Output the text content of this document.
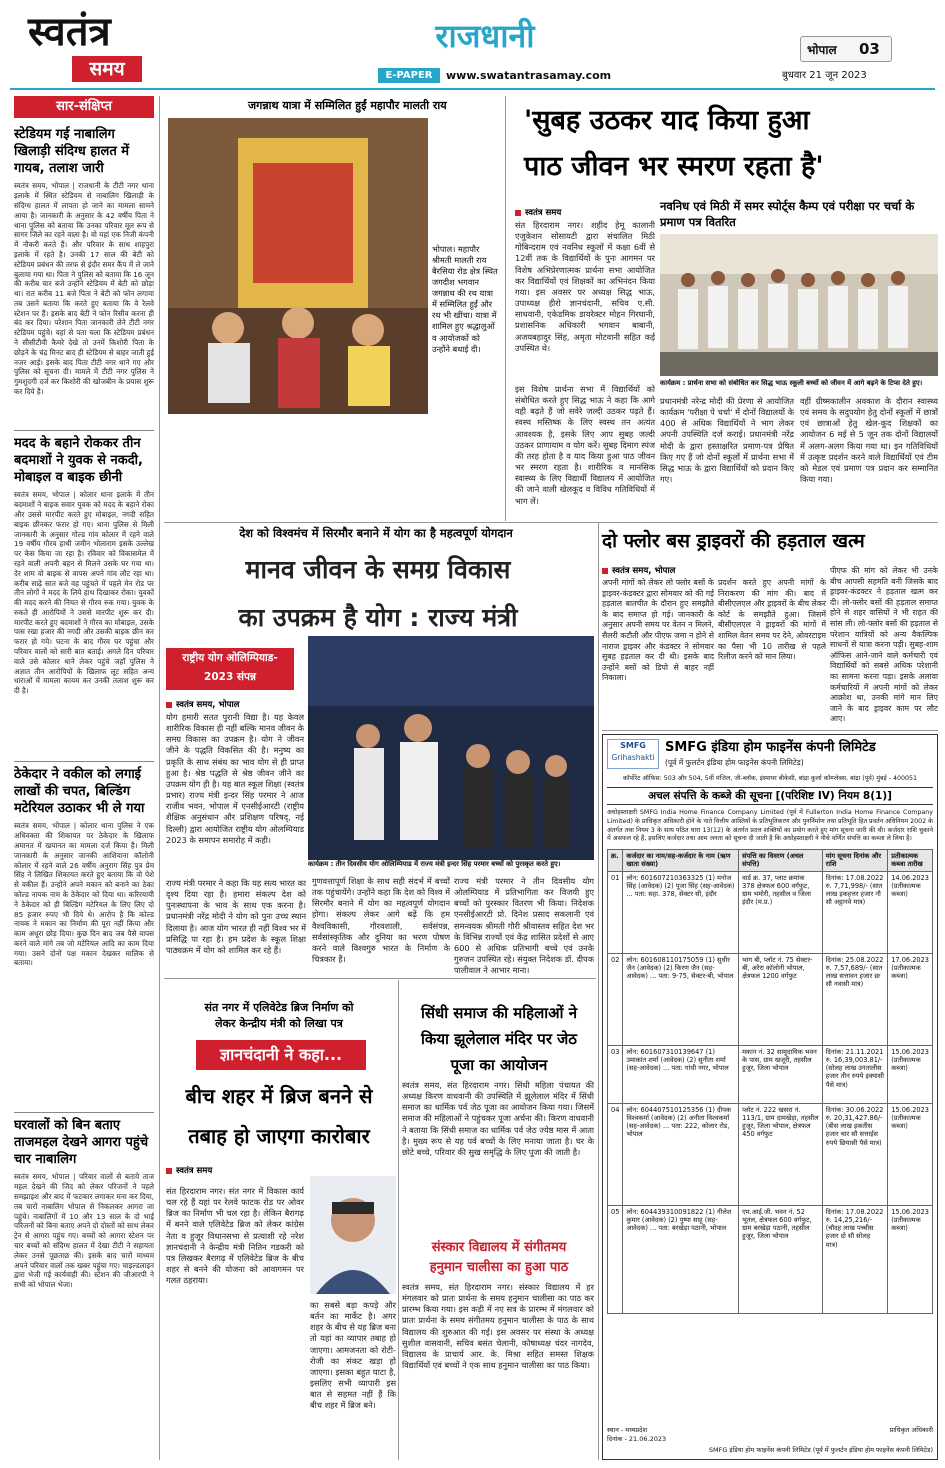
स्वतंत्र
समय
राजधानी
E-PAPER	www.swatantrasamay.com
भोपाल 03
बुधवार 21 जून 2023
सार-संक्षिप्त
स्टेडियम गई नाबालिग खिलाड़ी संदिग्ध हालत में गायब, तलाश जारी
स्वतंत्र समय, भोपाल | राजधानी के टीटी नगर थाना इलाके में स्थित स्टेडियम से नाबालिग खिलाड़ी के संदिग्ध हालत में लापता हो जाने का मामला सामने आया है। जानकारी के अनुसार के 42 वर्षीय पिता ने थाना पुलिस को बताया कि उनका परिवार मूल रूप से सागर जिले का रहने वाला है। वो यहां एक निजी कंपनी में नौकरी करते हैं। और परिवार के साथ शाहपुरा इलाके में रहते है। उनकी 17 साल की बेटी को स्टेडियम प्रबंधन की तरफ से इंदौर समर कैंप में ले जाने बुलाया गया था। पिता ने पुलिस को बताया कि 16 जून की करीब चार बजे उन्होंने स्टेडियम में बेटी को छोड़ा था। रात करीब 11 बजे पिता ने बेटी को फोन लगाया तब उसने बताया कि करते हुए बताया कि वे रेलवे स्टेशन पर हैं। इसके बाद बेटी ने फोन रिसीव करना ही बंद कर दिया। परेशान पिता जानकारी लेने टीटी नगर स्टेडियम पहुंचे। वहां से पता चला कि स्टेडियम प्रबंधन ने सीसीटीवी कैमरे देखे तो उनमें किशोरी पिता के छोड़ने के चंद्र मिनट बाद ही स्टेडियम से बाहर जाती हुई नजर आई। इसके बाद पिता टीटी नगर थाने गए और पुलिस को सूचना दी। मामले में टीटी नगर पुलिस ने गुमशुदगी दर्ज कर किशोरी की खोजबीन के प्रयास शुरू कर दिये है।
मदद के बहाने रोककर तीन बदमाशों ने युवक से नकदी, मोबाइल व बाइक छीनी
स्वतंत्र समय, भोपाल | कोलार थाना इलाके में तीन बदमाशों ने बाइक सवार युवक को मदद के बहाने रोका और उससे मारपीट करते हुए मोबाइल, नगदी सहित बाइक छीनकर फरार हो गए। थाना पुलिस से मिली जानकारी के अनुसार गोल्ड गांव कोलार में रहने वाले 19 वर्षीय गौरव हाथी जमीन भोलाराम इसके उल्लेख पर केस किया जा रहा है। रविवार को विकासमेल में रहने वाली अपनी बहन से मिलने उसके घर गया था। देर शाम वो बाइक से वापस अपने गांव लौट रहा था। करीब साढ़े सात बजे वह पहुंचते में पहले मेन रोड पर तीन लोगों ने मदद के लिये हाथ दिखाकर रोका। युवकों की मदद करने की नियत से गौरव रुक गया। युवक के रुकते ही आरोपियों ने उससे मारपीट शुरू कर दी। मारपीट करते हुए बदमाशों ने गौरव का मोबाइल, उसके पास रखा हजार की नगदी और उसकी बाइक छीन कर फरार हो गये। घटना के बाद गौरव घर पहुंचा और परिवार वालों को सारी बात बताई। अगले दिन परिवार वाले उसे कोलार थाने लेकर पहुंचे जहाँ पुलिस ने अज्ञात तीन आरोपियों के खिलाफ लूट सहित अन्य धाराओं में मामला कायम कर उनकी तलाश शुरू कर दी है।
ठेकेदार ने वकील को लगाई लाखों की चपत, बिल्डिंग मटेरियल उठाकर भी ले गया
स्वतंत्र समय, भोपाल | कोलार थाना पुलिस ने एक अधिवक्ता की शिकायत पर ठेकेदार के खिलाफ अमानत में खयानत का मामला दर्ज किया है। मिली जानकारी के अनुसार जानकी आशियाना कॉलोनी कोलार में रहने वाले 26 वर्षीय अनुराग सिंह पुत्र प्रेम सिंह ने लिखित शिकायत करते हुए बताया कि वो पेशे से वकील हैं। उन्होंने अपने मकान को बनाने का ठेका कोल्ड नायक नाम के ठेकेदार को दिया था। करिरयायी ने ठेकेदार को ही बिल्डिंग मटेरियल के लिए लिए दो 85 हजार रुपए भी दिये थे। आरोप है कि कोल्ड नायक ने मकान का निर्माण की पूरा नहीं किया और काम अधूरा छोड़ दिया। कुछ दिन बाद जब पैसे वापस करने वाले मांगे तब जो मटेरियल आदि का काम दिया गया। उसने दोनों पक्ष मकान देखकर मालिक से बताया।
घरवालों को बिन बताए ताजमहल देखने आगरा पहुंचे चार नाबालिग
स्वतंत्र समय, भोपाल | परिवार वालों से बताये ताज महल देखने की जिद को लेकर परिजनों ने पहले समझाइश और बाद में फटकार लगाकर मना कर दिया, तब चारों नाबालिग भोपाल से निकलकर आगरा जा पहुंचे। नाबालिगों में 10 और 13 साल के दो भाई परिजनों को बिना बताए अपने दो दोस्तों को साथ लेकर ट्रेन से आगरा पहुंच गए। बच्चों को आगरा स्टेशन पर चार बच्चों को संदिग्ध हालत में देखा टीटी ने सहायता लेकर उनसे पूछताछ की। इसके बाद चारों माध्यम अपने परिवार वालों तक खबर पहुंचा गए। चाइल्डलाइन द्वारा भेजी गई कार्यवाही की। स्टेशन की जीआरपी ने सभी को भोपाल भेजा।
जगन्नाथ यात्रा में सम्मिलित हुईं महापौर मालती राय
भोपाल। महापौर श्रीमती मालती राय बैरसिया रोड क्षेत्र स्थित जगदीश भगवान जगन्नाथ की रथ यात्रा में सम्मिलित हुईं और रथ भी खींचा। यात्रा में शामिल हुए श्रद्धालुओं व आयोजकों को उन्होंने बधाई दी।
'सुबह उठकर याद किया हुआ
पाठ जीवन भर स्मरण रहता है'
नवनिध एवं मिठी में समर स्पोर्ट्स कैम्प एवं परीक्षा पर चर्चा के प्रमाण पत्र वितरित
स्वतंत्र समय
संत हिरदाराम नगर। शहीद हेमू कालानी एजुकेशन सोसायटी द्वारा संचालित मिठी गोबिन्दराम एवं नवनिध स्कूलों में कक्षा 6वीं से 12वीं तक के विद्यार्थियों के पुनः आगमन पर विशेष अभिप्रेरणात्मक प्रार्थना सभा आयोजित कर विद्यार्थियों एवं शिक्षकों का अभिनंदन किया गया। इस अवसर पर अध्यक्ष सिद्ध भाऊ, उपाध्यक्ष हीरो ज्ञानचंदानी, सचिव ए.सी. साधवानी, एकेडमिक डायरेक्टर मोहन गिरघानी, प्रशासनिक अधिकारी भगवान बाबानी, अजयबहादुर सिंह, अमृता मोटवानी सहित कई उपस्थित थे।
इस विशेष प्रार्थना सभा में विद्यार्थियों को संबोधित करते हुए सिद्ध भाऊ ने कहा कि आगे वही बढ़ते हैं जो सवेरे जल्दी उठकर पढ़ते हैं। स्वस्थ मस्तिष्क के लिए स्वस्थ तन अत्यंत आवश्यक है, इसके लिए आप सुबह जल्दी उठकर प्राणायाम व योग करें। सुबह दिमाग स्पंज की तरह होता है व याद किया हुआ पाठ जीवन भर स्मरण रहता है। शारीरिक व मानसिक स्वास्थ्य के लिए विद्यार्थी विद्यालय में आयोजित की जाने वाली खेलकूद व विविध गतिविधियों में भाग लें।
कार्यक्रम : प्रार्थना सभा को संबोधित कर सिद्ध भाऊ स्कूली बच्चों को जीवन में आगे बढ़ने के टिप्स देते हुए।
प्रधानमंत्री नरेन्द्र मोदी की प्रेरणा से आयोजित कार्यक्रम 'परीक्षा पे चर्चा' में दोनों विद्यालयों के 400 से अधिक विद्यार्थियों ने भाग लेकर अपनी उपस्थिति दर्ज कराई। प्रधानमंत्री नरेंद्र मोदी के द्वारा हस्ताक्षरित प्रमाण-पत्र प्रेषित किए गए हैं जो दोनों स्कूलों में प्रार्थना सभा में सिद्ध भाऊ के द्वारा विद्यार्थियों को प्रदान किए गए।
वहीं ग्रीष्मकालीन अवकाश के दौरान स्वास्थ्य एवं समय के सदुपयोग हेतु दोनों स्कूलों में छात्रों एवं छात्राओं हेतु खेल-कूद शिक्षकों का आयोजन 6 मई से 5 जून तक दोनों विद्यालयों में अलग-अलग किया गया था। इन गतिविधियों में उत्कृष्ट प्रदर्शन करने वाले विद्यार्थियों एवं टीम को मेडल एवं प्रमाण पत्र प्रदान कर सम्मानित किया गया।
देश को विश्वमंच में सिरमौर बनाने में योग का है महत्वपूर्ण योगदान
मानव जीवन के समग्र विकास
का उपक्रम है योग : राज्य मंत्री
राष्ट्रीय योग ओलिम्पियाड-
2023 संपन्न
स्वतंत्र समय, भोपाल
योग हमारी सतत पुरानी विद्या है। यह केवल शारीरिक विकास ही नहीं बल्कि मानव जीवन के समग्र विकास का उपक्रम है। योग ने जीवन जीने के पद्धति विकसित की है। मनुष्य का प्रकृति के साथ संबंध का भाव योग से ही प्राप्त हुआ है। श्रेष्ठ पद्धति से श्रेष्ठ जीवन जीने का उपक्रम योग ही है। यह बात स्कूल शिक्षा (स्वतंत्र प्रभार) राज्य मंत्री इन्दर सिंह परमार ने आज राजीव भवन, भोपाल में एनसीईआरटी (राष्ट्रीय शैक्षिक अनुसंधान और प्रशिक्षण परिषद्, नई दिल्ली) द्वारा आयोजित राष्ट्रीय योग ओलम्पियाड 2023 के समापन समारोह में कही।
कार्यक्रम : तीन दिवसीय योग ओलिम्पियाड में राज्य मंत्री इन्दर सिंह परमार बच्चों को पुरस्कृत करते हुए।
राज्य मंत्री परमार ने कहा कि यह सत्य भारत का दृश्य दिया रहा है। हमारा संकल्प देश को पुनःस्थापना के भाव के साथ एक करना है। प्रधानमंत्री नरेंद्र मोदी ने योग को पुनः उच्च स्थान दिलाया है। आज योग भारत ही नहीं विश्व भर में प्रसिद्धि पा रहा है। हम प्रदेश के स्कूल शिक्षा पाठ्यक्रम में योग को शामिल कर रहे हैं।
गुणवत्तापूर्ण शिक्षा के साथ सही संदर्भ में बच्चों तक पहुंचायेंगे। उन्होंने कहा कि देश को विश्व में सिरमौर बनाने में योग का महत्वपूर्ण योगदान होगा। संकल्प लेकर आगे बढ़ें कि हम वैश्वविकासी, गौरवशाली, सर्वसंपन्न, सर्वसांस्कृतिक और दुनिया का भरण पोषण करने वाले विश्वगुरु भारत के निर्माण के चित्रकार हैं।
राज्य मंत्री परमार ने तीन दिवसीय योग ओलम्पियाड में प्रतिभागिता कर विजयी हुए बच्चों को पुरस्कार वितरण भी किया। निदेशक एनसीईआरटी प्रो. दिनेश प्रसाद सकलानी एवं समन्वयक श्रीमती गौरी श्रीवास्तव सहित देश भर के विभिन्न राज्यों एवं केंद्र शासित प्रदेशों से आए 600 से अधिक प्रतिभागी बच्चे एवं उनके गुरुजन उपस्थित रहे। संयुक्त निदेशक डॉ. दीपक पालीवाल ने आभार माना।
संत नगर में एलिवेटेड ब्रिज निर्माण को
लेकर केन्द्रीय मंत्री को लिखा पत्र
ज्ञानचंदानी ने कहा...
बीच शहर में ब्रिज बनने से
तबाह हो जाएगा कारोबार
स्वतंत्र समय
संत हिरदाराम नगर। संत नगर में विकास कार्य चल रहे हैं यहां पर रेलवे फाटक रोड पर ओवर ब्रिज का निर्माण भी चल रहा है। लेकिन बैरागढ़ में बनने वाले एलिवेटेड ब्रिज को लेकर कांग्रेस नेता व हुजूर विधानसभा से प्रत्याशी रहे नरेश ज्ञानचंदानी ने केन्द्रीय मंत्री नितिन गडकरी को पत्र लिखकर बैरागढ़ में एलिवेटेड ब्रिज के बीच शहर से बनने की योजना को आवागमन पर गलत ठहराया।
का सबसे बड़ा कपड़े और बर्तन का मार्केट है। अगर शहर के बीच से यह ब्रिज बना तो यहां का व्यापार तबाह हो जाएगा। आमजनता को रोटी-रोजी का संकट खड़ा हो जाएगा। इसका बहुत घाटा है, इसलिए सभी व्यापारी इस बात से सहमत नहीं हैं कि बीच शहर में ब्रिज बने।
सिंधी समाज की महिलाओं ने
किया झूलेलाल मंदिर पर जेठ
पूजा का आयोजन
स्वतंत्र समय, संत हिरदाराम नगर। सिंधी महिला पंचायत की अध्यक्ष किरण वाधवानी की उपस्थिति में झूलेलाल मंदिर में सिंधी समाज का धार्मिक पर्व जेठ पूजा का आयोजन किया गया। जिसमें समाज की महिलाओं ने पहुंचकर पूजा अर्चना की। किरण वाधवानी ने बताया कि सिंधी समाज का धार्मिक पर्व जेठ ज्येष्ठ मास में आता है। मुख्य रूप से यह पर्व बच्चों के लिए मनाया जाता है। घर के छोटे बच्चे, परिवार की सुख समृद्धि के लिए पूजा की जाती है।
संस्कार विद्यालय में संगीतमय
हनुमान चालीसा का हुआ पाठ
स्वतंत्र समय, संत हिरदाराम नगर। संस्कार विद्यालय में हर मंगलवार को प्रातः प्रार्थना के समय हनुमान चालीसा का पाठ कर प्रारम्भ किया गया। इस कड़ी में नए सत्र के प्रारम्भ में मंगलवार को प्रातः प्रार्थना के समय संगीतमय हनुमान चालीसा के पाठ के साथ विद्यालय की शुरुआत की गई। इस अवसर पर संस्था के अध्यक्ष सुशील वासवानी, सचिव बसंत चेलानी, कोषाध्यक्ष चंदर नागदेव, विद्यालय के प्राचार्य आर. के. मिश्रा सहित समस्त शिक्षक विद्यार्थियों एवं बच्चों ने एक साथ हनुमान चालीसा का पाठ किया।
दो फ्लोर बस ड्राइवरों की हड़ताल खत्म
स्वतंत्र समय, भोपाल
अपनी मांगों को लेकर लो फ्लोर बसों के ड्राइवर-कंडक्टर द्वारा सोमवार को की गई हड़ताल बातचीत के दौरान हुए समझौते के बाद समाप्त हो गई। जानकारी के अनुसार अपनी समय पर वेतन न मिलने, सैलरी कटौती और पीएफ जमा न होने से नाराज ड्राइवर और कंडक्टर ने सोमवार सुबह हड़ताल कर दी थी। इसके बाद उन्होंने बसों को डिपो से बाहर नहीं निकाला।
प्रदर्शन करते हुए अपनी मांगों के निराकरण की मांग की। बाद में बीसीएलएल और ड्राइवरों के बीच लेकर कोर्ट के समझौते हुआ। जिसमें बीसीएलएल ने ड्राइवरों की मांगों में शामिल वेतन समय पर देने, ओवरटाइम का पैसा भी 10 तारीख से पहले रिलीज करने को मान लिया।
पीएफ की मांग को लेकर भी उनके बीच आपसी सहमति बनी जिसके बाद ड्राइवर-कंडक्टर ने हड़ताल खत्म कर दी। लो-फ्लोर बसों की हड़ताल समाप्त होने से शहर वासियों ने भी राहत की सांस ली। लो-फ्लोर बसों की हड़ताल से परेशान यात्रियों को अन्य वैकल्पिक साधनों से यात्रा करना पड़ी। सुबह-शाम ऑफिस आने-जाने वाले कर्मचारी एवं विद्यार्थियों को सबसे अधिक परेशानी का सामना करना पड़ा। इसके अलावा कर्मचारियों में अपनी मांगों को लेकर आक्रोश था, उनकी मांगे मान लिए जाने के बाद ड्राइवर काम पर लौट आए।
SMFG
Grihashakti
SMFG इंडिया होम फाइनेंस कंपनी लिमिटेड
(पूर्व में फुलर्टन इंडिया होम फाइनेंस कंपनी लिमिटेड)
कॉर्पोरेट ऑफिस: 503 और 504, 5वीं मंजिल, जी-ब्लॉक, इंस्पायर बीकेसी, बांद्रा कुर्ला कॉम्प्लेक्स, बांद्रा (पूर्व) मुंबई - 400051
अचल संपत्ति के कब्जे की सूचना [(परिशिष्ट IV) नियम 8(1)]
अधोहस्ताक्षरी SMFG India Home Finance Company Limited (पूर्व में Fullerton India Home Finance Company Limited) के प्राधिकृत अधिकारी होने के नाते वित्तीय आस्तियों के प्रतिभूतिकरण और पुनर्निर्माण तथा प्रतिभूति हित प्रवर्तन अधिनियम 2002 के अंतर्गत तथा नियम 3 के साथ पठित धारा 13(12) के अंतर्गत प्रदत्त शक्तियों का प्रयोग करते हुए मांग सूचना जारी की थी। कर्जदार राशि चुकाने में असफल रहे हैं, इसलिए कर्जदार तथा आम जनता को सूचना दी जाती है कि अधोहस्ताक्षरी ने नीचे वर्णित संपत्ति का कब्जा ले लिया है।
क्र.	कर्जदार का नाम/सह-कर्जदार के नाम (ऋण खाता संख्या)	संपत्ति का विवरण (अचल संपत्ति)	मांग सूचना दिनांक और राशि	प्रतीकात्मक कब्जा तारीख
01	लोन: 601607210363325 (1) मनोज सिंह (आवेदक) (2) पूजा सिंह (सह-आवेदक) ... पता: सहा. 378, सेक्टर सी, इंदौर	वार्ड क्र. 37, प्लाट क्रमांक 378 क्षेत्रफल 600 वर्गफुट, ग्राम भमोरी, तहसील व जिला इंदौर (म.प्र.)	दिनांक: 17.08.2022 रु. 7,71,998/- (सात लाख इकहत्तर हजार नौ सौ अट्ठानवे मात्र)	14.06.2023 (प्रतीकात्मक कब्जा)
02	लोन: 601608110175059 (1) सुधीर जैन (आवेदक) (2) किरण जैन (सह-आवेदक) ... पता: 9-75, सेक्टर-बी, भोपाल	भाग बी, प्लॉट नं. 75 सेक्टर-बी, अरेरा कॉलोनी भोपाल, क्षेत्रफल 1200 वर्गफुट	दिनांक: 25.08.2022 रु. 7,57,689/- (सात लाख सत्तावन हजार छः सौ नवासी मात्र)	17.06.2023 (प्रतीकात्मक कब्जा)
03	लोन: 601607310139647 (1) उमाकांत शर्मा (आवेदक) (2) सुनीता शर्मा (सह-आवेदक) ... पता: गांधी नगर, भोपाल	मकान नं. 32 सामुदायिक भवन के पास, ग्राम खजूरी, तहसील हुजूर, जिला भोपाल	दिनांक: 21.11.2021 रु. 16,39,003.81/- (सोलह लाख उनतालीस हजार तीन रुपये इक्यासी पैसे मात्र)	15.06.2023 (प्रतीकात्मक कब्जा)
04	लोन: 604407510125356 (1) दीपक विश्वकर्मा (आवेदक) (2) अनीता विश्वकर्मा (सह-आवेदक) ... पता: 222, कोलार रोड, भोपाल	प्लॉट नं. 222 खसरा नं. 113/1, ग्राम दामखेड़ा, तहसील हुजूर, जिला भोपाल, क्षेत्रफल 450 वर्गफुट	दिनांक: 30.06.2022 रु. 20,31,427.86/- (बीस लाख इकतीस हजार चार सौ सत्ताईस रुपये छियासी पैसे मात्र)	15.06.2023 (प्रतीकात्मक कब्जा)
05	लोन: 604439310091822 (1) नीलेश कुमार (आवेदक) (2) पुष्पा साहू (सह-आवेदक) ... पता: बरखेड़ा पठानी, भोपाल	एम.आई.जी. भवन नं. 52 भूतल, क्षेत्रफल 600 वर्गफुट, ग्राम बरखेड़ा पठानी, तहसील हुजूर, जिला भोपाल	दिनांक: 17.08.2022 रु. 14,25,216/- (चौदह लाख पच्चीस हजार दो सौ सोलह मात्र)	15.06.2023 (प्रतीकात्मक कब्जा)
स्थान - मध्यप्रदेश
दिनांक - 21.06.2023
प्राधिकृत अधिकारी
SMFG इंडिया होम फाइनेंस कंपनी लिमिटेड (पूर्व में फुलर्टन इंडिया होम फाइनेंस कंपनी लिमिटेड)
